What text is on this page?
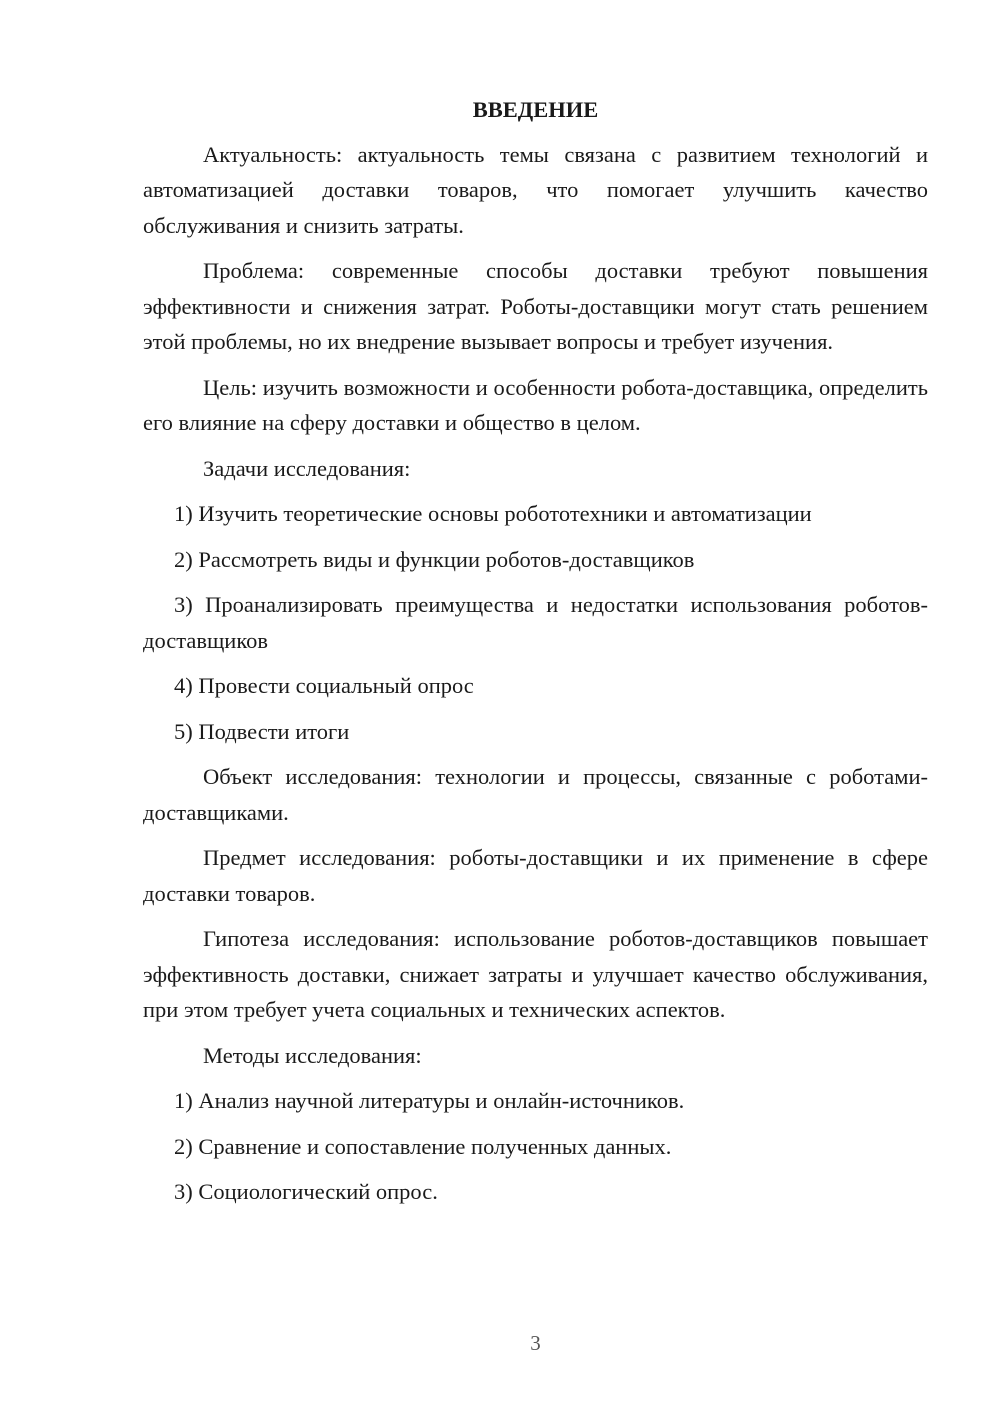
ВВЕДЕНИЕ
Актуальность: актуальность темы связана с развитием технологий и автоматизацией доставки товаров, что помогает улучшить качество обслуживания и снизить затраты.
Проблема: современные способы доставки требуют повышения эффективности и снижения затрат. Роботы-доставщики могут стать решением этой проблемы, но их внедрение вызывает вопросы и требует изучения.
Цель: изучить возможности и особенности робота-доставщика, определить его влияние на сферу доставки и общество в целом.
Задачи исследования:
1) Изучить теоретические основы робототехники и автоматизации
2) Рассмотреть виды и функции роботов-доставщиков
3) Проанализировать преимущества и недостатки использования роботов-доставщиков
4) Провести социальный опрос
5) Подвести итоги
Объект исследования: технологии и процессы, связанные с роботами-доставщиками.
Предмет исследования: роботы-доставщики и их применение в сфере доставки товаров.
Гипотеза исследования: использование роботов-доставщиков повышает эффективность доставки, снижает затраты и улучшает качество обслуживания, при этом требует учета социальных и технических аспектов.
Методы исследования:
1) Анализ научной литературы и онлайн-источников.
2) Сравнение и сопоставление полученных данных.
3) Социологический опрос.
3
